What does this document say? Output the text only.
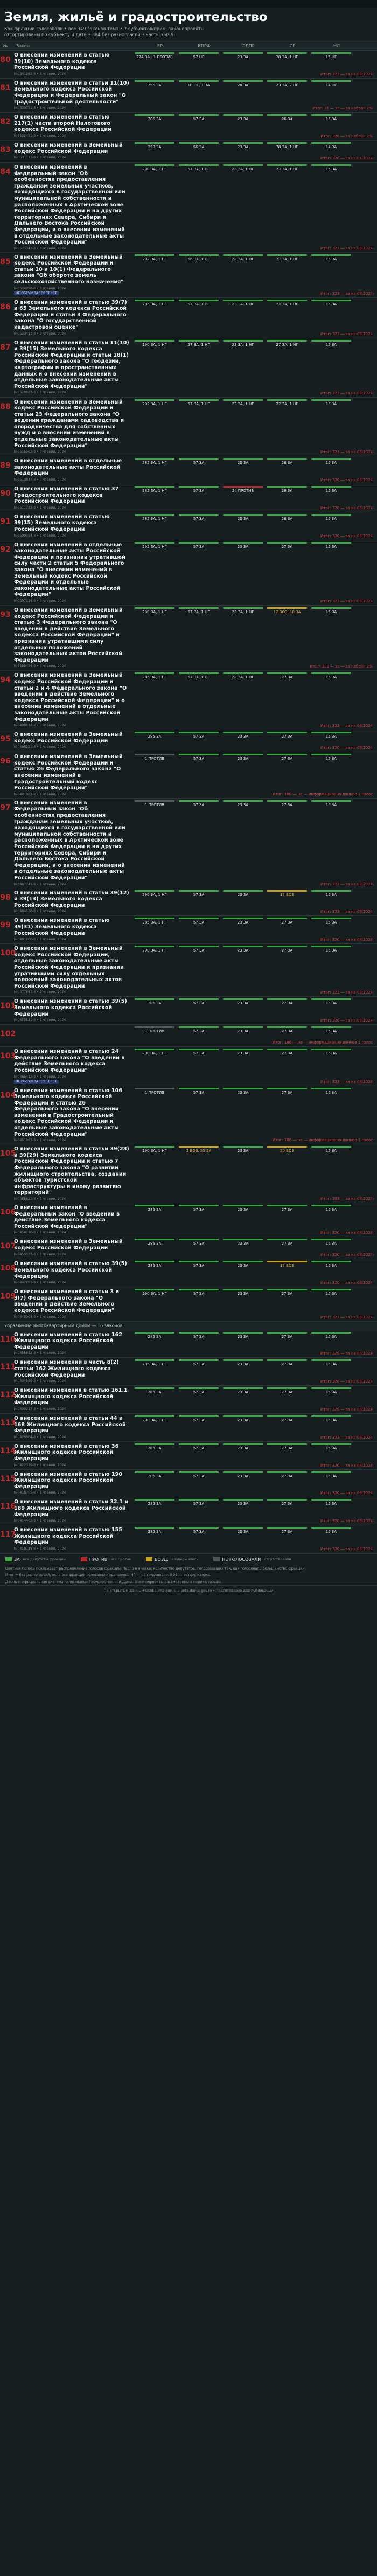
Земля, жильё и градостроительство
Как фракции голосовали • все 349 законов тема • 7 субъектов/прим. законопроекты отсортированы по субъекту и дате • 384 без разногласий • часть 3 из 9
№	Закон	ЕР	КПРФ	ЛДПР	СР	НЛ
80
О внесении изменений в статью 39(10) Земельного кодекса Российской Федерации
№0541263-8 • 3 чтение, 2024
274 ЗА · 1 ПРОТИВ	57 НГ	23 ЗА	28 ЗА, 1 НГ	15 НГ
Итог: 323 — за на 08.2024
81
О внесении изменений в статьи 11(10) Земельного кодекса Российской Федерации и Федеральный закон "О градостроительной деятельности"
№0539751-8 • 1 чтение, 2024
256 ЗА	18 НГ, 1 ЗА	20 ЗА	23 ЗА, 2 НГ	14 НГ
Итог: 31 — за — за набран 2%
82
О внесении изменений в статью 217(1) части второй Налогового кодекса Российской Федерации
№0532451-8 • 1 чтение, 2024
285 ЗА	57 ЗА	23 ЗА	26 ЗА	15 ЗА
Итог: 320 — за набран 2%
83
О внесении изменений в Земельный кодекс Российской Федерации
№0531113-8 • 3 чтение, 2024
250 ЗА	56 ЗА	23 ЗА	28 ЗА, 1 НГ	14 ЗА
Итог: 320 — за на 01.2024
84
О внесении изменений в Федеральный закон "Об особенностях предоставления гражданам земельных участков, находящихся в государственной или муниципальной собственности и расположенных в Арктической зоне Российской Федерации и на других территориях Севера, Сибири и Дальнего Востока Российской Федерации, и о внесении изменений в отдельные законодательные акты Российской Федерации"
№0525341-8 • 3 чтение, 2024
290 ЗА, 1 НГ	57 ЗА, 1 НГ	23 ЗА, 1 НГ	27 ЗА, 1 НГ	15 ЗА
Итог: 323 — за на 08.2024
85
О внесении изменений в Земельный кодекс Российской Федерации и статьи 10 и 10(1) Федерального закона "Об обороте земель сельскохозяйственного назначения"
№0524098-8 • 3 чтение, 2024
НЕ ОБСУЖДАЛСЯ ТЕКСТ
292 ЗА, 1 НГ	56 ЗА, 1 НГ	23 ЗА, 1 НГ	27 ЗА, 1 НГ	15 ЗА
Итог: 323 — за на 08.2024
86
О внесении изменений в статью 39(7) и 65 Земельного кодекса Российской Федерации и статьи 3 Федерального закона "О государственной кадастровой оценке"
№0523411-8 • 2 чтение, 2024
285 ЗА, 1 НГ	57 ЗА, 1 НГ	23 ЗА, 1 НГ	27 ЗА, 1 НГ	15 ЗА
Итог: 323 — за на 08.2024
87
О внесении изменений в статьи 11(10) и 39(15) Земельного кодекса Российской Федерации и статьи 18(1) Федерального закона "О геодезии, картографии и пространственных данных и о внесении изменений в отдельные законодательные акты Российской Федерации"
№0519822-8 • 1 чтение, 2024
290 ЗА, 1 НГ	57 ЗА, 1 НГ	23 ЗА, 1 НГ	27 ЗА, 1 НГ	15 ЗА
Итог: 323 — за на 08.2024
88
О внесении изменений в Земельный кодекс Российской Федерации и статьи 23 Федерального закона "О ведении гражданами садоводства и огородничества для собственных нужд и о внесении изменений в отдельные законодательные акты Российской Федерации"
№0515502-8 • 3 чтение, 2024
292 ЗА, 1 НГ	57 ЗА, 1 НГ	23 ЗА, 1 НГ	27 ЗА, 1 НГ	15 ЗА
Итог: 323 — за на 08.2024
89
О внесении изменений в отдельные законодательные акты Российской Федерации
№0513877-8 • 3 чтение, 2024
285 ЗА, 1 НГ	57 ЗА	23 ЗА	26 ЗА	15 ЗА
Итог: 320 — за на 08.2024
90
О внесении изменений в статью 37 Градостроительного кодекса Российской Федерации
№0511723-8 • 1 чтение, 2024
285 ЗА, 1 НГ	57 ЗА	24 ПРОТИВ	26 ЗА	15 ЗА
Итог: 320 — за на 08.2024
91
О внесении изменений в статью 39(15) Земельного кодекса Российской Федерации
№0509754-8 • 1 чтение, 2024
285 ЗА, 1 НГ	57 ЗА	23 ЗА	26 ЗА	15 ЗА
Итог: 320 — за на 08.2024
92
О внесении изменений в отдельные законодательные акты Российской Федерации и признании утратившей силу части 2 статьи 5 Федерального закона "О внесении изменений в Земельный кодекс Российской Федерации и отдельные законодательные акты Российской Федерации"
№0507116-8 • 3 чтение, 2024
292 ЗА, 1 НГ	57 ЗА	23 ЗА	27 ЗА	15 ЗА
Итог: 323 — за на 08.2024
93
О внесении изменений в Земельный кодекс Российской Федерации и статью 3 Федерального закона "О введении в действие Земельного кодекса Российской Федерации" и признании утратившими силу отдельных положений законодательных актов Российской Федерации
№0503456-8 • 3 чтение, 2024
290 ЗА, 1 НГ	57 ЗА, 1 НГ	23 ЗА, 1 НГ	17 ВОЗ, 10 ЗА	15 ЗА
Итог: 303 — за — за набран 2%
94
О внесении изменений в Земельный кодекс Российской Федерации и статьи 2 и 4 Федерального закона "О введении в действие Земельного кодекса Российской Федерации" и о внесении изменений в отдельные законодательные акты Российской Федерации
№0498612-8 • 3 чтение, 2024
285 ЗА, 1 НГ	57 ЗА, 1 НГ	23 ЗА, 1 НГ	27 ЗА	15 ЗА
Итог: 323 — за на 08.2024
95
О внесении изменений в Земельный кодекс Российской Федерации
№0495221-8 • 1 чтение, 2024
285 ЗА	57 ЗА	23 ЗА	27 ЗА	15 ЗА
Итог: 320 — за на 08.2024
96
О внесении изменений в Земельный кодекс Российской Федерации и статью 26 Федерального закона "О внесении изменений в Градостроительный кодекс Российской Федерации"
№0491003-8 • 1 чтение, 2024
1 ПРОТИВ	57 ЗА	23 ЗА	27 ЗА	15 ЗА
Итог: 186 — не — информационно данное 1 голос
97
О внесении изменений в Федеральный закон "Об особенностях предоставления гражданам земельных участков, находящихся в государственной или муниципальной собственности и расположенных в Арктической зоне Российской Федерации и на других территориях Севера, Сибири и Дальнего Востока Российской Федерации, и о внесении изменений в отдельные законодательные акты Российской Федерации"
№0487741-8 • 1 чтение, 2024
1 ПРОТИВ	57 ЗА	23 ЗА	27 ЗА	15 ЗА
Итог: 322 — за на 08.2024
98
О внесении изменений в статьи 39(12) и 39(13) Земельного кодекса Российской Федерации
№0484520-8 • 1 чтение, 2024
290 ЗА, 1 НГ	57 ЗА	23 ЗА	17 ВОЗ	15 ЗА
Итог: 323 — за на 08.2024
99
О внесении изменений в статью 39(31) Земельного кодекса Российской Федерации
№0481200-8 • 1 чтение, 2024
285 ЗА, 1 НГ	57 ЗА	23 ЗА	27 ЗА	15 ЗА
Итог: 320 — за на 08.2024
100
О внесении изменений в Земельный кодекс Российской Федерации, отдельные законодательные акты Российской Федерации и признании утратившими силу отдельных положений законодательных актов Российской Федерации
№0477661-8 • 2 чтение, 2024
290 ЗА, 1 НГ	57 ЗА	23 ЗА	27 ЗА	15 ЗА
Итог: 323 — за на 08.2024
101
О внесении изменений в статью 39(5) Земельного кодекса Российской Федерации
№0473521-8 • 1 чтение, 2024
285 ЗА	57 ЗА	23 ЗА	27 ЗА	15 ЗА
Итог: 320 — за на 08.2024
102	1 ПРОТИВ	57 ЗА	23 ЗА	27 ЗА	15 ЗА
Итог: 186 — не — информационно данное 1 голос
103
О внесении изменений в статью 24 Федерального закона "О введении в действие Земельного кодекса Российской Федерации"
№0465412-8 • 1 чтение, 2024
НЕ ОБСУЖДАЛСЯ ТЕКСТ
290 ЗА, 1 НГ	57 ЗА	23 ЗА	27 ЗА	15 ЗА
Итог: 323 — за на 08.2024
104
О внесении изменений в статью 106 Земельного кодекса Российской Федерации и статью 26 Федерального закона "О внесении изменений в Градостроительный кодекс Российской Федерации и отдельные законодательные акты Российской Федерации"
№0461907-8 • 1 чтение, 2024
1 ПРОТИВ	57 ЗА	23 ЗА	27 ЗА	15 ЗА
Итог: 186 — не — информационно данное 1 голос
105
О внесении изменений в статьи 39(28) и 39(29) Земельного кодекса Российской Федерации и статью 7 Федерального закона "О развитии жилищного строительства, создании объектов туристской инфраструктуры и иному развитию территорий"
№0458822-8 • 1 чтение, 2024
290 ЗА, 1 НГ	2 ВОЗ, 55 ЗА	23 ЗА	20 ВОЗ	15 ЗА
Итог: 303 — за на 08.2024
106
О внесении изменений в Федеральный закон "О введении в действие Земельного кодекса Российской Федерации"
№0454110-8 • 1 чтение, 2024
285 ЗА	57 ЗА	23 ЗА	27 ЗА	15 ЗА
Итог: 320 — за на 08.2024
107
О внесении изменений в Земельный кодекс Российской Федерации
№0450337-8 • 1 чтение, 2024
285 ЗА	57 ЗА	23 ЗА	27 ЗА	15 ЗА
Итог: 320 — за на 08.2024
108
О внесении изменений в статью 39(5) Земельного кодекса Российской Федерации
№0447201-8 • 1 чтение, 2024
285 ЗА	57 ЗА	23 ЗА	17 ВОЗ	15 ЗА
Итог: 320 — за на 08.2024
109
О внесении изменений в статьи 3 и 3(7) Федерального закона "О введении в действие Земельного кодекса Российской Федерации"
№0443908-8 • 1 чтение, 2024
290 ЗА, 1 НГ	57 ЗА	23 ЗА	27 ЗА	15 ЗА
Итог: 323 — за на 08.2024
Управление многоквартирным домом — 16 законов
110
О внесении изменений в статью 162 Жилищного кодекса Российской Федерации
№0438812-8 • 1 чтение, 2024
285 ЗА	57 ЗА	23 ЗА	27 ЗА	15 ЗА
Итог: 320 — за на 08.2024
111
О внесении изменений в часть 8(2) статьи 162 Жилищного кодекса Российской Федерации
№0434509-8 • 1 чтение, 2024
285 ЗА, 1 НГ	57 ЗА	23 ЗА	27 ЗА	15 ЗА
Итог: 320 — за на 08.2024
112
О внесении изменения в статью 161.1 Жилищного кодекса Российской Федерации
№0430217-8 • 1 чтение, 2024
285 ЗА	57 ЗА	23 ЗА	27 ЗА	15 ЗА
Итог: 320 — за на 08.2024
113
О внесении изменений в статьи 44 и 168 Жилищного кодекса Российской Федерации
№0426604-8 • 1 чтение, 2024
290 ЗА, 1 НГ	57 ЗА	23 ЗА	27 ЗА	15 ЗА
Итог: 323 — за на 08.2024
114
О внесении изменений в статью 36 Жилищного кодекса Российской Федерации
№0422319-8 • 1 чтение, 2024
285 ЗА	57 ЗА	23 ЗА	27 ЗА	15 ЗА
Итог: 320 — за на 08.2024
115
О внесении изменений в статью 190 Жилищного кодекса Российской Федерации
№0418705-8 • 1 чтение, 2024
285 ЗА	57 ЗА	23 ЗА	27 ЗА	15 ЗА
Итог: 320 — за на 08.2024
116
О внесении изменений в статьи 32.1 и 189 Жилищного кодекса Российской Федерации
№0414402-8 • 1 чтение, 2024
285 ЗА	57 ЗА	23 ЗА	27 ЗА	15 ЗА
Итог: 320 — за на 08.2024
117
О внесении изменений в статью 155 Жилищного кодекса Российской Федерации
№0410118-8 • 1 чтение, 2024
285 ЗА	57 ЗА	23 ЗА	27 ЗА	15 ЗА
Итог: 320 — за на 08.2024
ЗА все депутаты фракции	ПРОТИВ все против	ВОЗД. воздержались	НЕ ГОЛОСОВАЛИ отсутствовали
Цветная полоса показывает распределение голосов фракции. Число в ячейке: количество депутатов, голосовавших так, как голосовало большинство фракции.
Итог = без разногласий, если все фракции голосовали одинаково. НГ — не голосовали. ВОЗ — воздержались.
Данные: официальная система голосования Государственной Думы. Законопроекты рассмотрены в период созыва.
По открытым данным sozd.duma.gov.ru и vote.duma.gov.ru • подготовлено для публикации
